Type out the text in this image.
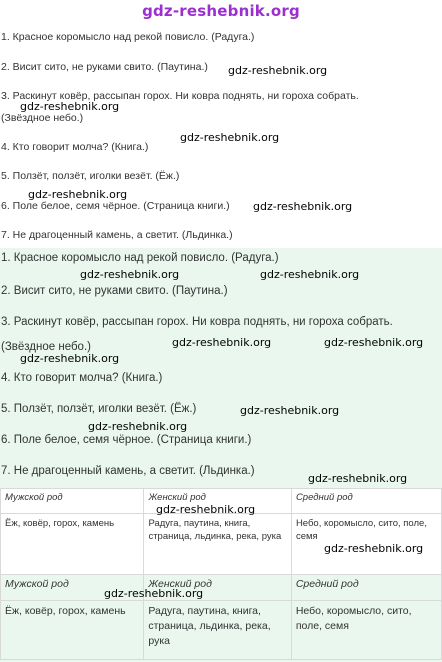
gdz-reshebnik.org
1. Красное коромысло над рекой повисло. (Радуга.)
2. Висит сито, не руками свито. (Паутина.)
3. Раскинут ковёр, рассыпан горох. Ни ковра поднять, ни гороха собрать.
(Звёздное небо.)
4. Кто говорит молча? (Книга.)
5. Ползёт, ползёт, иголки везёт. (Ёж.)
6. Поле белое, семя чёрное. (Страница книги.)
7. Не драгоценный камень, а светит. (Льдинка.)
gdz-reshebnik.org
gdz-reshebnik.org
gdz-reshebnik.org
gdz-reshebnik.org
gdz-reshebnik.org
1. Красное коромысло над рекой повисло. (Радуга.)
2. Висит сито, не руками свито. (Паутина.)
3. Раскинут ковёр, рассыпан горох. Ни ковра поднять, ни гороха собрать.
(Звёздное небо.)
4. Кто говорит молча? (Книга.)
5. Ползёт, ползёт, иголки везёт. (Ёж.)
6. Поле белое, семя чёрное. (Страница книги.)
7. Не драгоценный камень, а светит. (Льдинка.)
gdz-reshebnik.org	gdz-reshebnik.org
gdz-reshebnik.org	gdz-reshebnik.org
gdz-reshebnik.org
gdz-reshebnik.org
gdz-reshebnik.org
gdz-reshebnik.org
Мужской род	Женский род	Средний род
Ёж, ковёр, горох, камень	Радуга, паутина, книга, страница, льдинка, река, рука	Небо, коромысло, сито, поле, семя
gdz-reshebnik.org
gdz-reshebnik.org
Мужской род	Женский род	Средний род
Ёж, ковёр, горох, камень	Радуга, паутина, книга, страница, льдинка, река, рука	Небо, коромысло, сито, поле, семя
gdz-reshebnik.org
